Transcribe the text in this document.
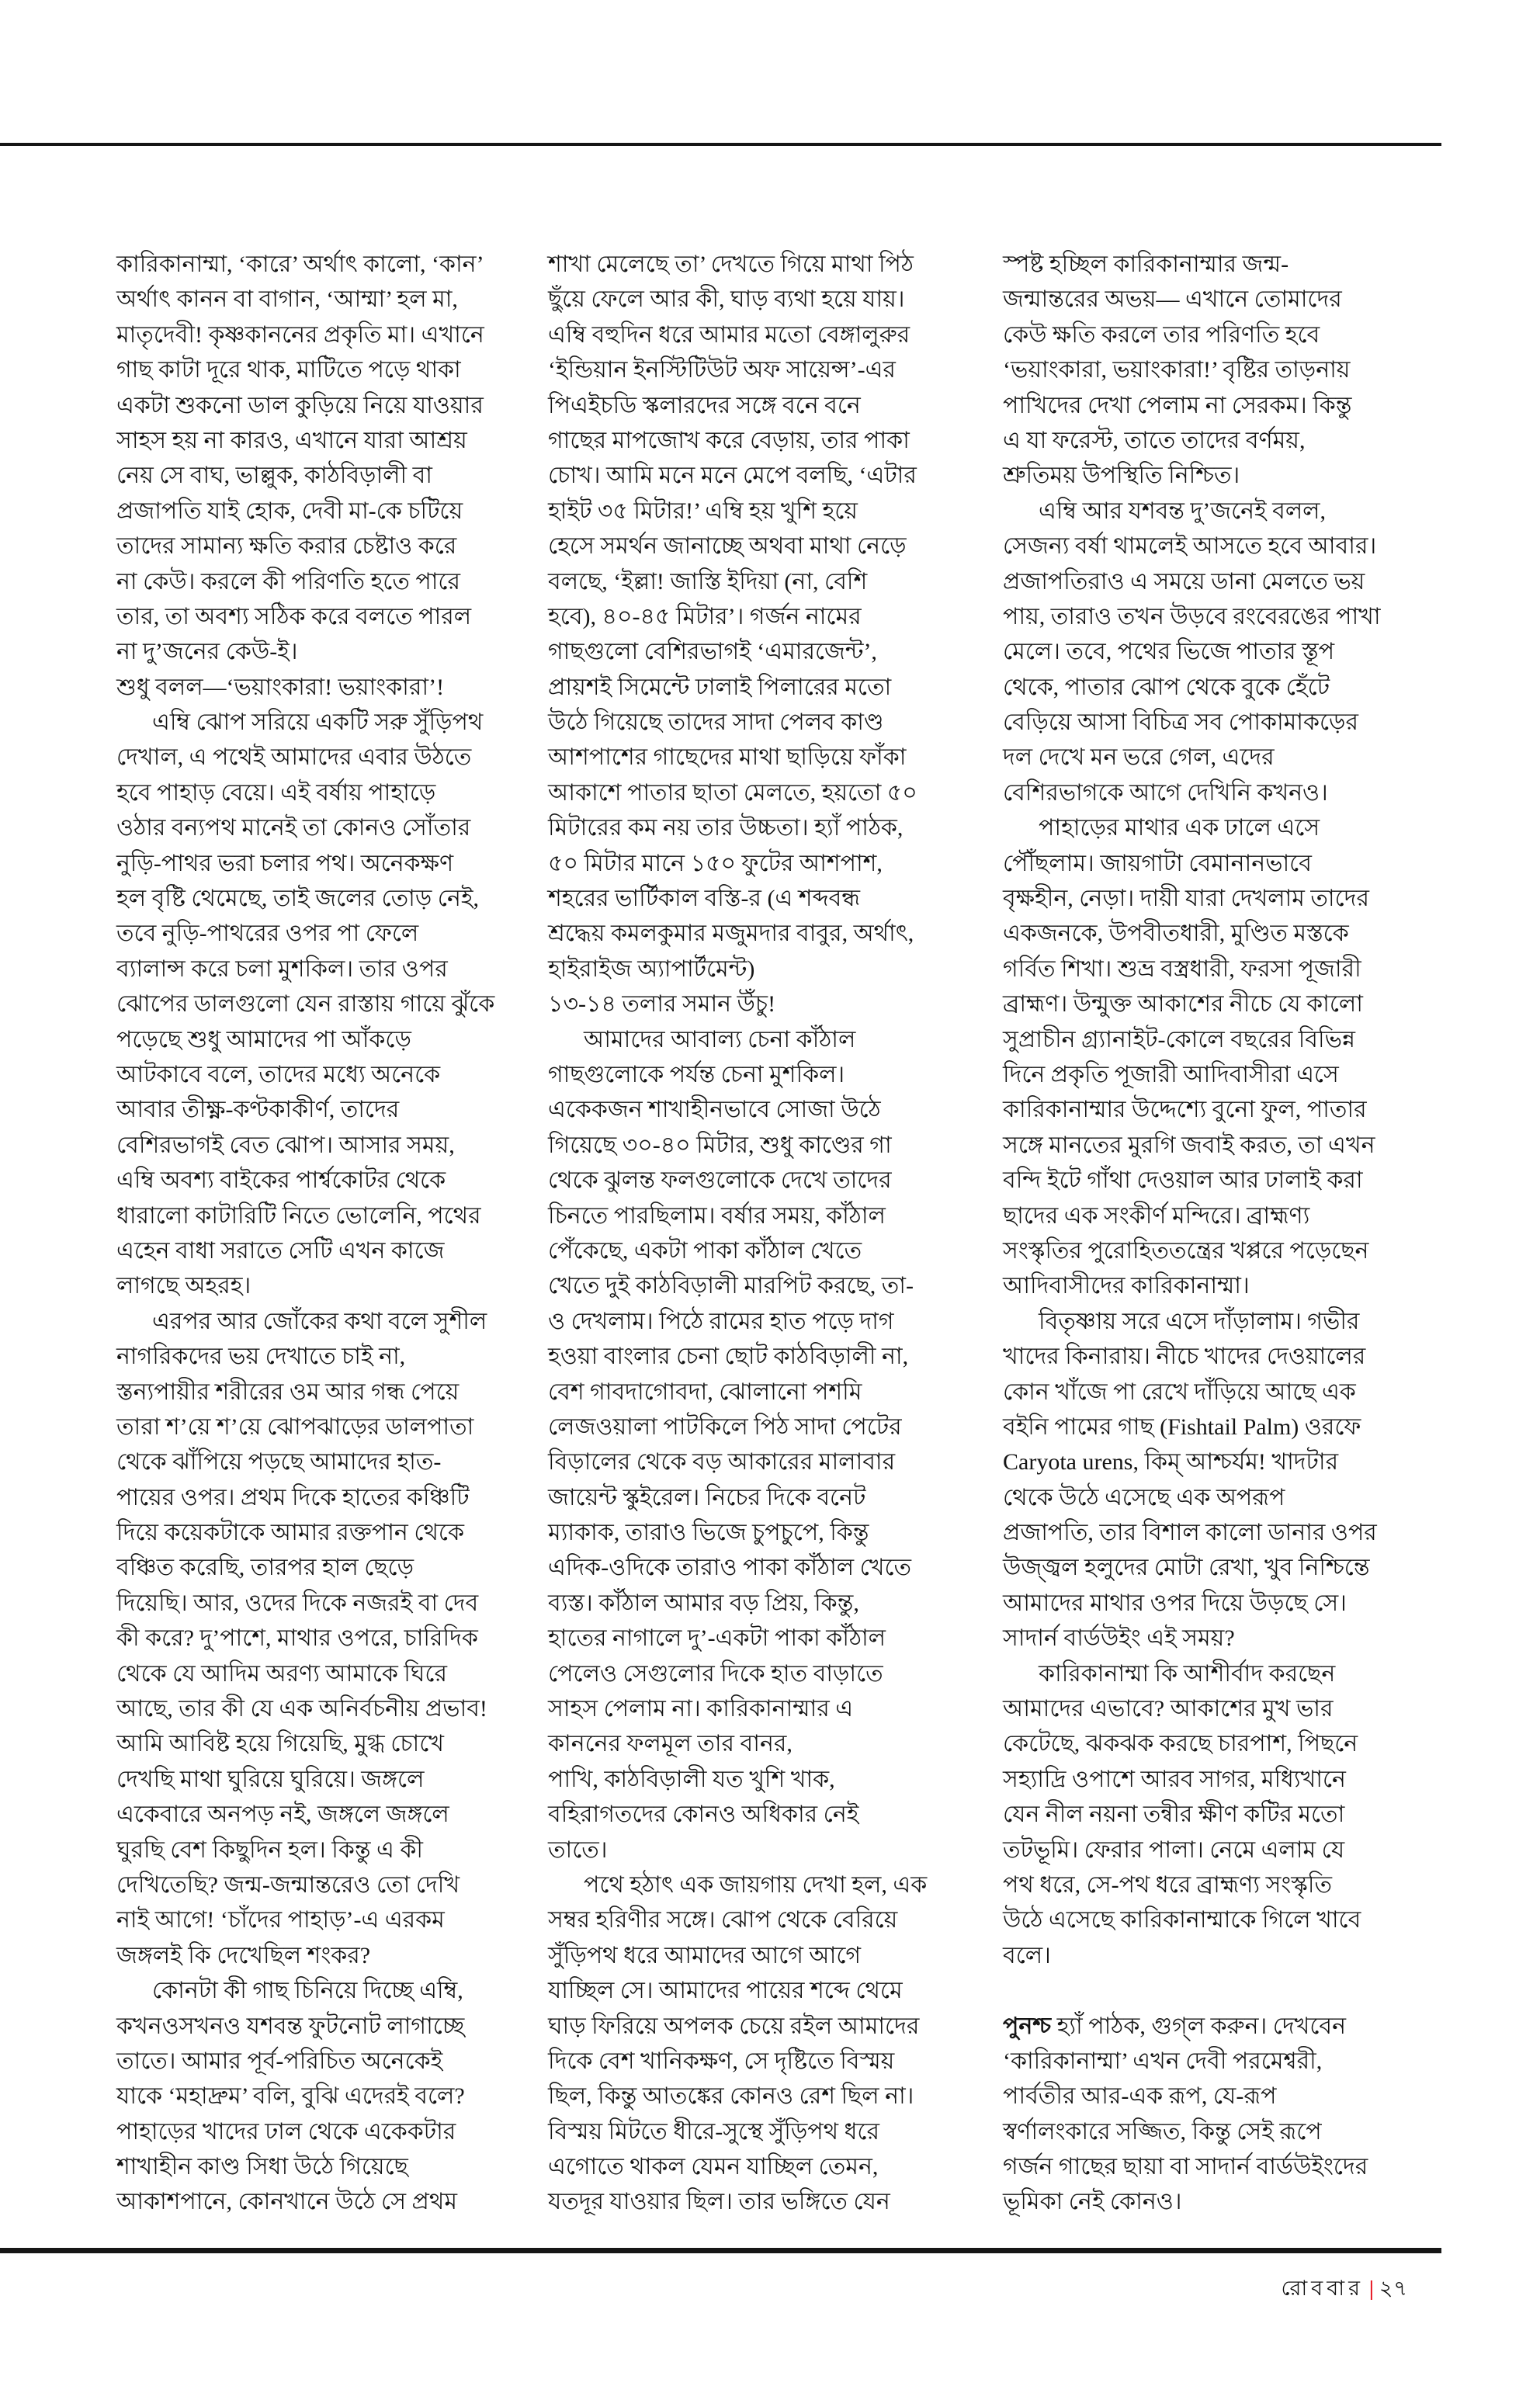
কারিকানাম্মা, ‘কারে’ অর্থাৎ কালো, ‘কান’
অর্থাৎ কানন বা বাগান, ‘আম্মা’ হল মা,
মাতৃদেবী! কৃষ্ণকাননের প্রকৃতি মা। এখানে
গাছ কাটা দূরে থাক, মাটিতে পড়ে থাকা
একটা শুকনো ডাল কুড়িয়ে নিয়ে যাওয়ার
সাহস হয় না কারও, এখানে যারা আশ্রয়
নেয় সে বাঘ, ভাল্লুক, কাঠবিড়ালী বা
প্রজাপতি যাই হোক, দেবী মা-কে চটিয়ে
তাদের সামান্য ক্ষতি করার চেষ্টাও করে
না কেউ। করলে কী পরিণতি হতে পারে
তার, তা অবশ্য সঠিক করে বলতে পারল
না দু’জনের কেউ-ই।
শুধু বলল—‘ভয়াংকারা! ভয়াংকারা’!
এম্বি ঝোপ সরিয়ে একটি সরু সুঁড়িপথ
দেখাল, এ পথেই আমাদের এবার উঠতে
হবে পাহাড় বেয়ে। এই বর্ষায় পাহাড়ে
ওঠার বন্যপথ মানেই তা কোনও সোঁতার
নুড়ি-পাথর ভরা চলার পথ। অনেকক্ষণ
হল বৃষ্টি থেমেছে, তাই জলের তোড় নেই,
তবে নুড়ি-পাথরের ওপর পা ফেলে
ব্যালান্স করে চলা মুশকিল। তার ওপর
ঝোপের ডালগুলো যেন রাস্তায় গায়ে ঝুঁকে
পড়েছে শুধু আমাদের পা আঁকড়ে
আটকাবে বলে, তাদের মধ্যে অনেকে
আবার তীক্ষ্ণ-কণ্টকাকীর্ণ, তাদের
বেশিরভাগই বেত ঝোপ। আসার সময়,
এম্বি অবশ্য বাইকের পার্শ্বকোটর থেকে
ধারালো কাটারিটি নিতে ভোলেনি, পথের
এহেন বাধা সরাতে সেটি এখন কাজে
লাগছে অহরহ।
এরপর আর জোঁকের কথা বলে সুশীল
নাগরিকদের ভয় দেখাতে চাই না,
স্তন্যপায়ীর শরীরের ওম আর গন্ধ পেয়ে
তারা শ’য়ে শ’য়ে ঝোপঝাড়ের ডালপাতা
থেকে ঝাঁপিয়ে পড়ছে আমাদের হাত-
পায়ের ওপর। প্রথম দিকে হাতের কঞ্চিটি
দিয়ে কয়েকটাকে আমার রক্তপান থেকে
বঞ্চিত করেছি, তারপর হাল ছেড়ে
দিয়েছি। আর, ওদের দিকে নজরই বা দেব
কী করে? দু’পাশে, মাথার ওপরে, চারিদিক
থেকে যে আদিম অরণ্য আমাকে ঘিরে
আছে, তার কী যে এক অনির্বচনীয় প্রভাব!
আমি আবিষ্ট হয়ে গিয়েছি, মুগ্ধ চোখে
দেখছি মাথা ঘুরিয়ে ঘুরিয়ে। জঙ্গলে
একেবারে অনপড় নই, জঙ্গলে জঙ্গলে
ঘুরছি বেশ কিছুদিন হল। কিন্তু এ কী
দেখিতেছি? জন্ম-জন্মান্তরেও তো দেখি
নাই আগে! ‘চাঁদের পাহাড়’-এ এরকম
জঙ্গলই কি দেখেছিল শংকর?
কোনটা কী গাছ চিনিয়ে দিচ্ছে এম্বি,
কখনওসখনও যশবন্ত ফুটনোট লাগাচ্ছে
তাতে। আমার পূর্ব-পরিচিত অনেকেই
যাকে ‘মহাদ্রুম’ বলি, বুঝি এদেরই বলে?
পাহাড়ের খাদের ঢাল থেকে একেকটার
শাখাহীন কাণ্ড সিধা উঠে গিয়েছে
আকাশপানে, কোনখানে উঠে সে প্রথম
শাখা মেলেছে তা’ দেখতে গিয়ে মাথা পিঠ
ছুঁয়ে ফেলে আর কী, ঘাড় ব্যথা হয়ে যায়।
এম্বি বহুদিন ধরে আমার মতো বেঙ্গালুরুর
‘ইন্ডিয়ান ইনস্টিটিউট অফ সায়েন্স’-এর
পিএইচডি স্কলারদের সঙ্গে বনে বনে
গাছের মাপজোখ করে বেড়ায়, তার পাকা
চোখ। আমি মনে মনে মেপে বলছি, ‘এটার
হাইট ৩৫ মিটার!’ এম্বি হয় খুশি হয়ে
হেসে সমর্থন জানাচ্ছে অথবা মাথা নেড়ে
বলছে, ‘ইল্লা! জাস্তি ইদিয়া (না, বেশি
হবে), ৪০-৪৫ মিটার’। গর্জন নামের
গাছগুলো বেশিরভাগই ‘এমারজেন্ট’,
প্রায়শই সিমেন্টে ঢালাই পিলারের মতো
উঠে গিয়েছে তাদের সাদা পেলব কাণ্ড
আশপাশের গাছেদের মাথা ছাড়িয়ে ফাঁকা
আকাশে পাতার ছাতা মেলতে, হয়তো ৫০
মিটারের কম নয় তার উচ্চতা। হ্যাঁ পাঠক,
৫০ মিটার মানে ১৫০ ফুটের আশপাশ,
শহরের ভার্টিকাল বস্তি-র (এ শব্দবন্ধ
শ্রদ্ধেয় কমলকুমার মজুমদার বাবুর, অর্থাৎ,
হাইরাইজ অ্যাপার্টমেন্ট)
১৩-১৪ তলার সমান উঁচু!
আমাদের আবাল্য চেনা কাঁঠাল
গাছগুলোকে পর্যন্ত চেনা মুশকিল।
একেকজন শাখাহীনভাবে সোজা উঠে
গিয়েছে ৩০-৪০ মিটার, শুধু কাণ্ডের গা
থেকে ঝুলন্ত ফলগুলোকে দেখে তাদের
চিনতে পারছিলাম। বর্ষার সময়, কাঁঠাল
পেঁকেছে, একটা পাকা কাঁঠাল খেতে
খেতে দুই কাঠবিড়ালী মারপিট করছে, তা-
ও দেখলাম। পিঠে রামের হাত পড়ে দাগ
হওয়া বাংলার চেনা ছোট কাঠবিড়ালী না,
বেশ গাবদাগোবদা, ঝোলানো পশমি
লেজওয়ালা পাটকিলে পিঠ সাদা পেটের
বিড়ালের থেকে বড় আকারের মালাবার
জায়েন্ট স্কুইরেল। নিচের দিকে বনেট
ম্যাকাক, তারাও ভিজে চুপচুপে, কিন্তু
এদিক-ওদিকে তারাও পাকা কাঁঠাল খেতে
ব্যস্ত। কাঁঠাল আমার বড় প্রিয়, কিন্তু,
হাতের নাগালে দু’-একটা পাকা কাঁঠাল
পেলেও সেগুলোর দিকে হাত বাড়াতে
সাহস পেলাম না। কারিকানাম্মার এ
কাননের ফলমূল তার বানর,
পাখি, কাঠবিড়ালী যত খুশি খাক,
বহিরাগতদের কোনও অধিকার নেই
তাতে।
পথে হঠাৎ এক জায়গায় দেখা হল, এক
সম্বর হরিণীর সঙ্গে। ঝোপ থেকে বেরিয়ে
সুঁড়িপথ ধরে আমাদের আগে আগে
যাচ্ছিল সে। আমাদের পায়ের শব্দে থেমে
ঘাড় ফিরিয়ে অপলক চেয়ে রইল আমাদের
দিকে বেশ খানিকক্ষণ, সে দৃষ্টিতে বিস্ময়
ছিল, কিন্তু আতঙ্কের কোনও রেশ ছিল না।
বিস্ময় মিটতে ধীরে-সুস্থে সুঁড়িপথ ধরে
এগোতে থাকল যেমন যাচ্ছিল তেমন,
যতদূর যাওয়ার ছিল। তার ভঙ্গিতে যেন
স্পষ্ট হচ্ছিল কারিকানাম্মার জন্ম-
জন্মান্তরের অভয়— এখানে তোমাদের
কেউ ক্ষতি করলে তার পরিণতি হবে
‘ভয়াংকারা, ভয়াংকারা!’ বৃষ্টির তাড়নায়
পাখিদের দেখা পেলাম না সেরকম। কিন্তু
এ যা ফরেস্ট, তাতে তাদের বর্ণময়,
শ্রুতিময় উপস্থিতি নিশ্চিত।
এম্বি আর যশবন্ত দু’জনেই বলল,
সেজন্য বর্ষা থামলেই আসতে হবে আবার।
প্রজাপতিরাও এ সময়ে ডানা মেলতে ভয়
পায়, তারাও তখন উড়বে রংবেরঙের পাখা
মেলে। তবে, পথের ভিজে পাতার স্তূপ
থেকে, পাতার ঝোপ থেকে বুকে হেঁটে
বেড়িয়ে আসা বিচিত্র সব পোকামাকড়ের
দল দেখে মন ভরে গেল, এদের
বেশিরভাগকে আগে দেখিনি কখনও।
পাহাড়ের মাথার এক ঢালে এসে
পৌঁছলাম। জায়গাটা বেমানানভাবে
বৃক্ষহীন, নেড়া। দায়ী যারা দেখলাম তাদের
একজনকে, উপবীতধারী, মুণ্ডিত মস্তকে
গর্বিত শিখা। শুভ্র বস্ত্রধারী, ফরসা পূজারী
ব্রাহ্মণ। উন্মুক্ত আকাশের নীচে যে কালো
সুপ্রাচীন গ্র্যানাইট-কোলে বছরের বিভিন্ন
দিনে প্রকৃতি পূজারী আদিবাসীরা এসে
কারিকানাম্মার উদ্দেশ্যে বুনো ফুল, পাতার
সঙ্গে মানতের মুরগি জবাই করত, তা এখন
বন্দি ইটে গাঁথা দেওয়াল আর ঢালাই করা
ছাদের এক সংকীর্ণ মন্দিরে। ব্রাহ্মণ্য
সংস্কৃতির পুরোহিততন্ত্রের খপ্পরে পড়েছেন
আদিবাসীদের কারিকানাম্মা।
বিতৃষ্ণায় সরে এসে দাঁড়ালাম। গভীর
খাদের কিনারায়। নীচে খাদের দেওয়ালের
কোন খাঁজে পা রেখে দাঁড়িয়ে আছে এক
বইনি পামের গাছ (Fishtail Palm) ওরফে
Caryota urens, কিম্ আশ্চর্যম! খাদটার
থেকে উঠে এসেছে এক অপরূপ
প্রজাপতি, তার বিশাল কালো ডানার ওপর
উজ্জ্বল হলুদের মোটা রেখা, খুব নিশ্চিন্তে
আমাদের মাথার ওপর দিয়ে উড়ছে সে।
সাদার্ন বার্ডউইং এই সময়?
কারিকানাম্মা কি আশীর্বাদ করছেন
আমাদের এভাবে? আকাশের মুখ ভার
কেটেছে, ঝকঝক করছে চারপাশ, পিছনে
সহ্যাদ্রি ওপাশে আরব সাগর, মধ্যিখানে
যেন নীল নয়না তন্বীর ক্ষীণ কটির মতো
তটভূমি। ফেরার পালা। নেমে এলাম যে
পথ ধরে, সে-পথ ধরে ব্রাহ্মণ্য সংস্কৃতি
উঠে এসেছে কারিকানাম্মাকে গিলে খাবে
বলে।
পুনশ্চ হ্যাঁ পাঠক, গুগ্‌ল করুন। দেখবেন
‘কারিকানাম্মা’ এখন দেবী পরমেশ্বরী,
পার্বতীর আর-এক রূপ, যে-রূপ
স্বর্ণালংকারে সজ্জিত, কিন্তু সেই রূপে
গর্জন গাছের ছায়া বা সাদার্ন বার্ডউইংদের
ভূমিকা নেই কোনও।
রোববার | ২৭
